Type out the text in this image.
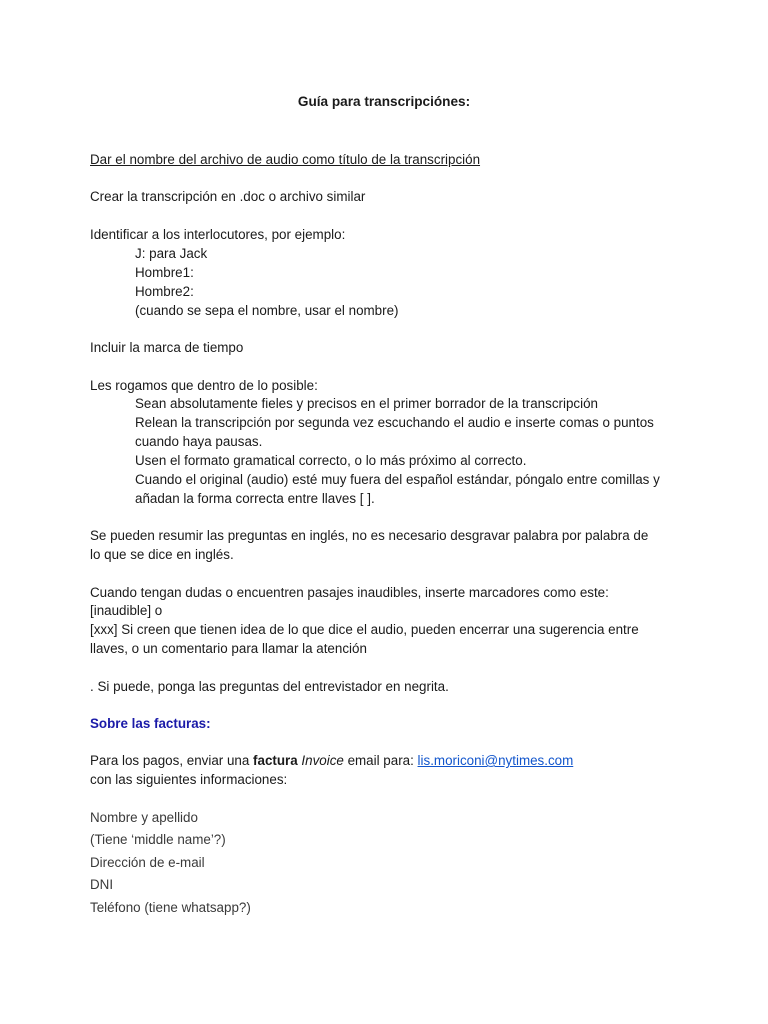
Guía para transcripciónes:
Dar el nombre del archivo de audio como título de la transcripción
Crear la transcripción en .doc o archivo similar
Identificar a los interlocutores, por ejemplo:
J: para Jack
Hombre1:
Hombre2:
(cuando se sepa el nombre, usar el nombre)
Incluir la marca de tiempo
Les rogamos que dentro de lo posible:
Sean absolutamente fieles y precisos en el primer borrador de la transcripción
Relean la transcripción por segunda vez escuchando el audio e inserte comas o puntos
cuando haya pausas.
Usen el formato gramatical correcto, o lo más próximo al correcto.
Cuando el original (audio) esté muy fuera del español estándar, póngalo entre comillas y
añadan la forma correcta entre llaves [ ].
Se pueden resumir las preguntas en inglés, no es necesario desgravar palabra por palabra de
lo que se dice en inglés.
Cuando tengan dudas o encuentren pasajes inaudibles, inserte marcadores como este:
[inaudible] o
[xxx] Si creen que tienen idea de lo que dice el audio, pueden encerrar una sugerencia entre
llaves, o un comentario para llamar la atención
. Si puede, ponga las preguntas del entrevistador en negrita.
Sobre las facturas:
Para los pagos, enviar una factura Invoice email para: lis.moriconi@nytimes.com
con las siguientes informaciones:
Nombre y apellido
(Tiene ‘middle name’?)
Dirección de e-mail
DNI
Teléfono (tiene whatsapp?)
